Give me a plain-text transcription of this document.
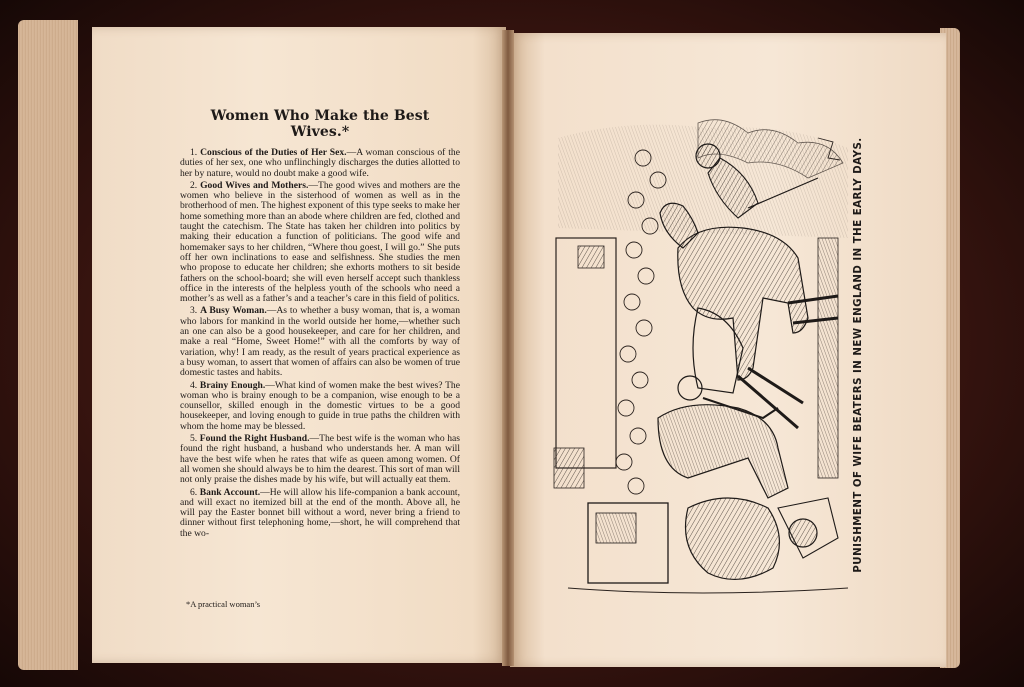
Women Who Make the Best Wives.*

1. Conscious of the Duties of Her Sex.—A woman conscious of the duties of her sex, one who unflinchingly discharges the duties allotted to her by nature, would no doubt make a good wife.

2. Good Wives and Mothers.—The good wives and mothers are the women who believe in the sisterhood of women as well as in the brotherhood of men. The highest exponent of this type seeks to make her home something more than an abode where children are fed, clothed and taught the catechism. The State has taken her children into politics by making their education a function of politicians. The good wife and homemaker says to her children, “Where thou goest, I will go.” She puts off her own inclinations to ease and selfishness. She studies the men who propose to educate her children; she exhorts mothers to sit beside fathers on the school-board; she will even herself accept such thankless office in the interests of the helpless youth of the schools who need a mother’s as well as a father’s and a teacher’s care in this field of politics.

3. A Busy Woman.—As to whether a busy woman, that is, a woman who labors for mankind in the world outside her home,—whether such an one can also be a good housekeeper, and care for her children, and make a real “Home, Sweet Home!” with all the comforts by way of variation, why! I am ready, as the result of years practical experience as a busy woman, to assert that women of affairs can also be women of true domestic tastes and habits.

4. Brainy Enough.—What kind of women make the best wives? The woman who is brainy enough to be a companion, wise enough to be a counsellor, skilled enough in the domestic virtues to be a good housekeeper, and loving enough to guide in true paths the children with whom the home may be blessed.

5. Found the Right Husband.—The best wife is the woman who has found the right husband, a husband who understands her. A man will have the best wife when he rates that wife as queen among women. Of all women she should always be to him the dearest. This sort of man will not only praise the dishes made by his wife, but will actually eat them.

6. Bank Account.—He will allow his life-companion a bank account, and will exact no itemized bill at the end of the month. Above all, he will pay the Easter bonnet bill without a word, never bring a friend to dinner without first telephoning home,—short, he will comprehend that the wo-

*A practical woman’s
PUNISHMENT OF WIFE BEATERS IN NEW ENGLAND IN THE EARLY DAYS.
